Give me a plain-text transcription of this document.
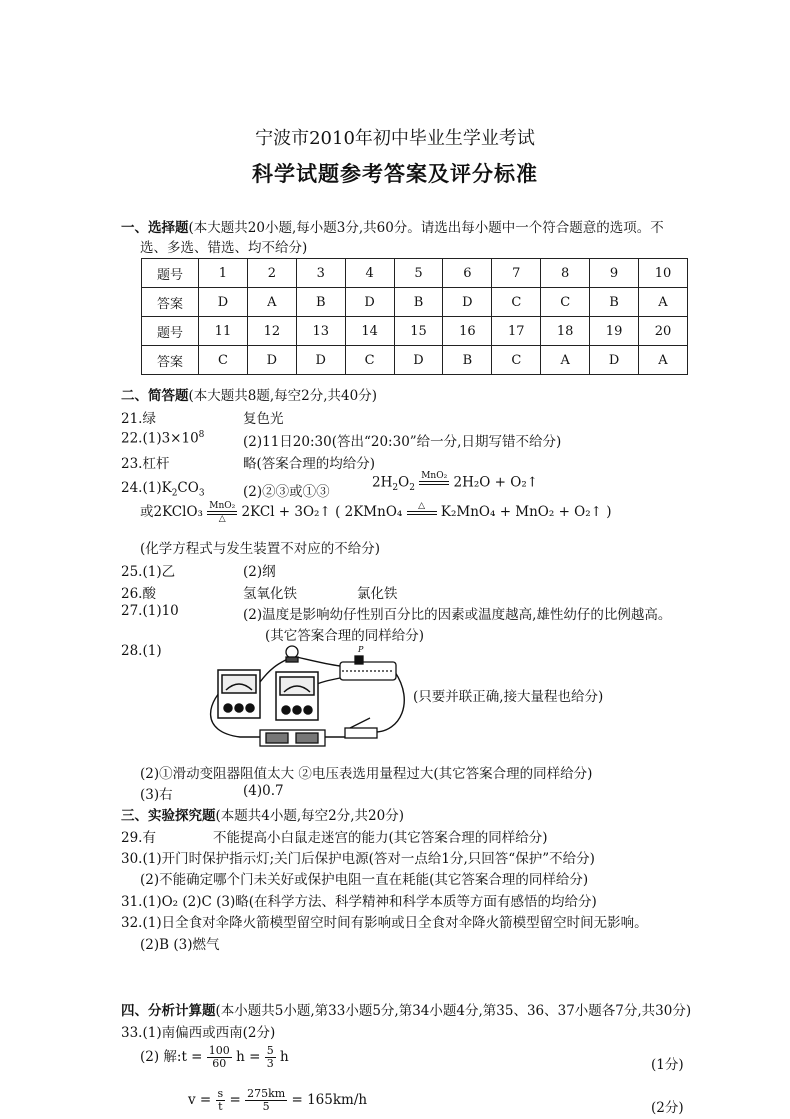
宁波市2010年初中毕业生学业考试
科学试题参考答案及评分标准
一、选择题(本大题共20小题,每小题3分,共60分。请选出每小题中一个符合题意的选项。不
选、多选、错选、均不给分)
题号	1	2	3	4	5	6	7	8	9	10
答案	D	A	B	D	B	D	C	C	B	A
题号	11	12	13	14	15	16	17	18	19	20
答案	C	D	D	C	D	B	C	A	D	A
二、简答题(本大题共8题,每空2分,共40分)
21.绿	复色光
$22.(1)3\times 10^8$	(2)11日20:30(答出“20:30”给一分,日期写错不给分)
23.杠杆	略(答案合理的均给分)
$24.(1)K_2CO_3$	(2)②③或①③
$2H_2O_2$
MnO₂
2H₂O + O₂↑
或2KClO₃ MnO₂
△	2KCl + 3O₂↑ ( 2KMnO₄	△
	K₂MnO₄ + MnO₂ + O₂↑ )
(化学方程式与发生装置不对应的不给分)
25.(1)乙	(2)纲
26.酸	氢氧化铁	氯化铁
27.(1)10	(2)温度是影响幼仔性别百分比的因素或温度越高,雄性幼仔的比例越高。
(其它答案合理的同样给分)
28.(1)	P
(只要并联正确,接大量程也给分)
(2)①滑动变阻器阻值太大 ②电压表选用量程过大(其它答案合理的同样给分)
(3)右	(4)0.7
三、实验探究题(本题共4小题,每空2分,共20分)
29.有	不能提高小白鼠走迷宫的能力(其它答案合理的同样给分)
30.(1)开门时保护指示灯;关门后保护电源(答对一点给1分,只回答“保护”不给分)
(2)不能确定哪个门未关好或保护电阻一直在耗能(其它答案合理的同样给分)
31.(1)O₂ (2)C (3)略(在科学方法、科学精神和科学本质等方面有感悟的均给分)
32.(1)日全食对伞降火箭模型留空时间有影响或日全食对伞降火箭模型留空时间无影响。
(2)B (3)燃气
四、分析计算题(本小题共5小题,第33小题5分,第34小题4分,第35、36、37小题各7分,共30分)
33.(1)南偏西或西南(2分)
(2) 解:t = $\frac{100}{60}$ $h = \frac{5}{3}$ h	(1分)
$v = \frac{s}{t} = \frac{275km}{5} = 165km/h$	(2分)
